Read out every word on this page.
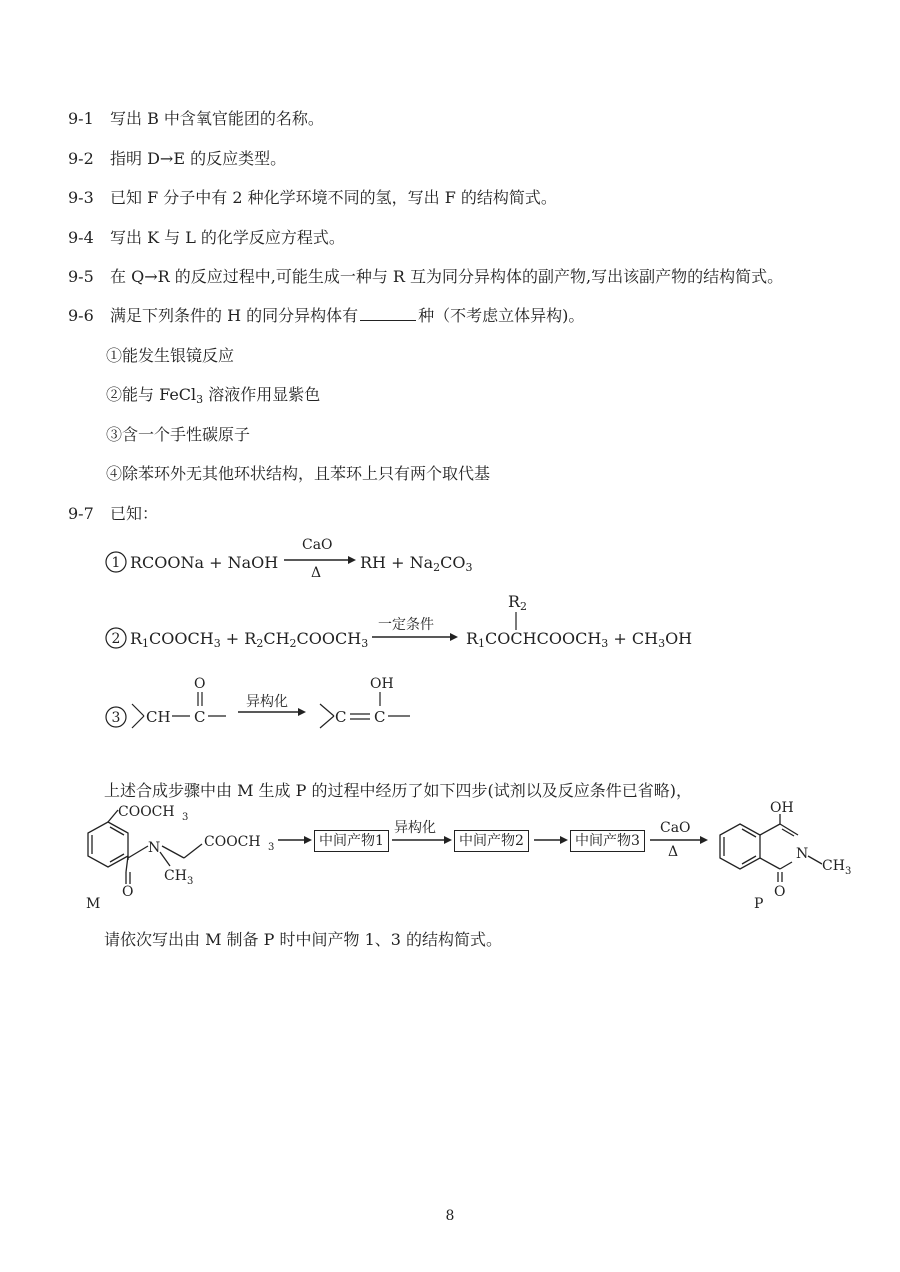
9-1 写出 B 中含氧官能团的名称。
9-2 指明 D→E 的反应类型。
9-3 已知 F 分子中有 2 种化学环境不同的氢，写出 F 的结构简式。
9-4 写出 K 与 L 的化学反应方程式。
9-5 在 Q→R 的反应过程中,可能生成一种与 R 互为同分异构体的副产物,写出该副产物的结构简式。
9-6 满足下列条件的 H 的同分异构体有	种（不考虑立体异构)。
①能发生银镜反应
②能与 FeCl$_3$ 溶液作用显紫色
③含一个手性碳原子
④除苯环外无其他环状结构，且苯环上只有两个取代基
9-7 已知：
1 RCOONa + NaOH
CaO
Δ
RH + $Na_2CO_3$
2 $R_1COOCH_3$ + $R_2CH_2COOCH_3$
一定条件
$R_2$
$R_1COCHCOOCH_3 + CH_3OH$
3 CH C
O
异构化
C C
OH
上述合成步骤中由 M 生成 P 的过程中经历了如下四步(试剂以及反应条件已省略)，
COOCH 3
N
O
CH 3
COOCH 3
M
异构化	CaO
Δ
OH
N
O
CH 3
P
中间产物1	中间产物2	中间产物3
请依次写出由 M 制备 P 时中间产物 1、3 的结构简式。
8
